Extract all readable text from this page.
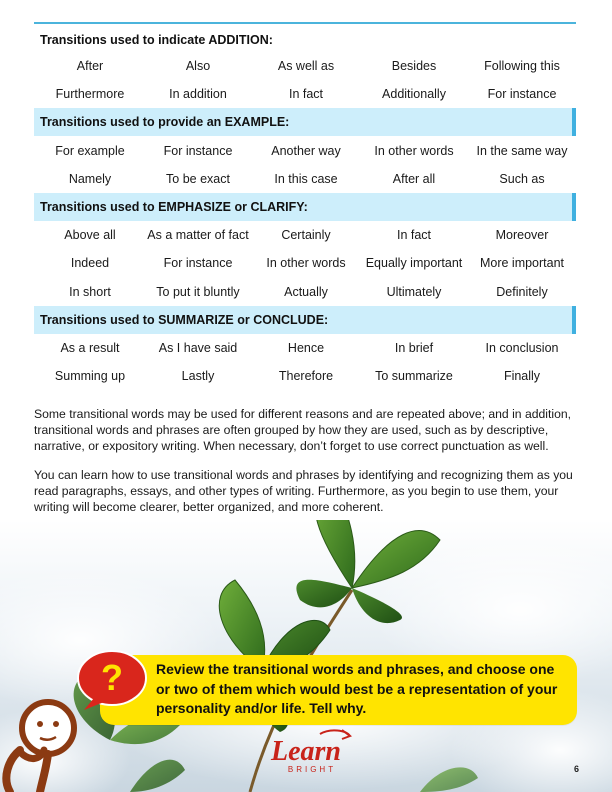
Transitions used to indicate ADDITION:
After	Also	As well as	Besides	Following this
Furthermore	In addition	In fact	Additionally	For instance
Transitions used to provide an EXAMPLE:
For example	For instance	Another way	In other words	In the same way
Namely	To be exact	In this case	After all	Such as
Transitions used to EMPHASIZE or CLARIFY:
Above all	As a matter of fact	Certainly	In fact	Moreover
Indeed	For instance	In other words	Equally important	More important
In short	To put it bluntly	Actually	Ultimately	Definitely
Transitions used to SUMMARIZE or CONCLUDE:
As a result	As I have said	Hence	In brief	In conclusion
Summing up	Lastly	Therefore	To summarize	Finally
Some transitional words may be used for different reasons and are repeated above; and in addition, transitional words and phrases are often grouped by how they are used, such as by descriptive, narrative, or expository writing. When necessary, don’t forget to use correct punctuation as well.
You can learn how to use transitional words and phrases by identifying and recognizing them as you read paragraphs, essays, and other types of writing. Furthermore, as you begin to use them, your writing will become clearer, better organized, and more coherent.
Review the transitional words and phrases, and choose one or two of them which would best be a representation of your personality and/or life. Tell why.
?
Learn
BRIGHT	6
